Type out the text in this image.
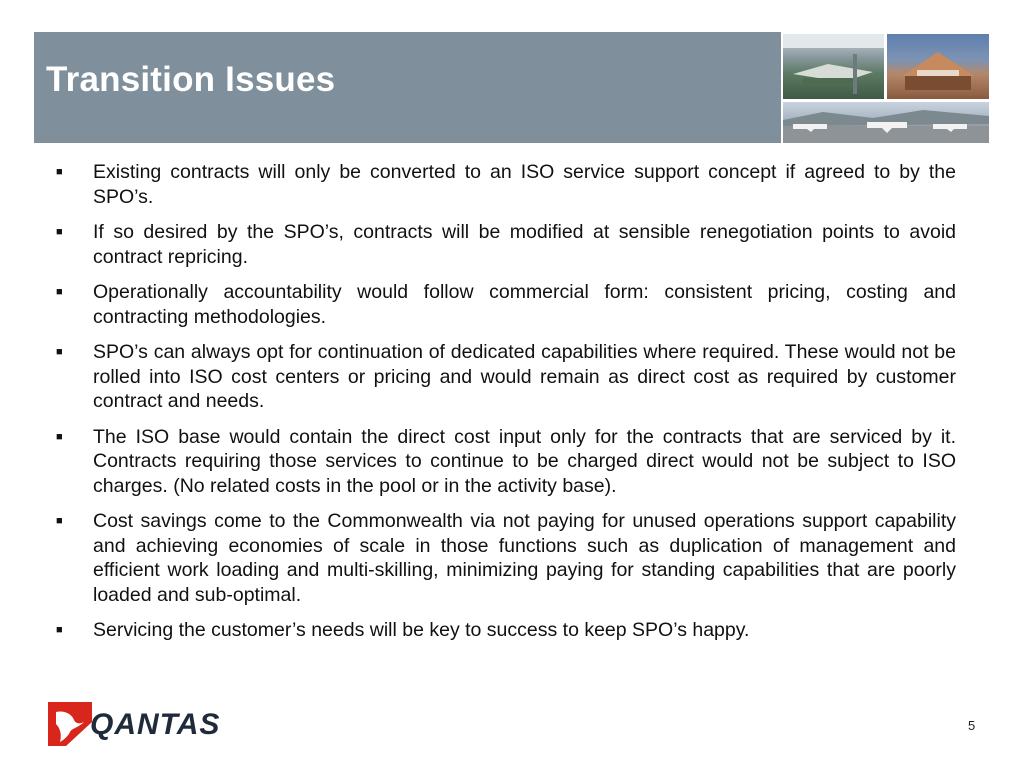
Transition Issues
■ Existing contracts will only be converted to an ISO service support concept if agreed to by the SPO’s.
■ If so desired by the SPO’s, contracts will be modified at sensible renegotiation points to avoid contract repricing.
■ Operationally accountability would follow commercial form: consistent pricing, costing and contracting methodologies.
■ SPO’s can always opt for continuation of dedicated capabilities where required. These would not be rolled into ISO cost centers or pricing and would remain as direct cost as required by customer contract and needs.
■ The ISO base would contain the direct cost input only for the contracts that are serviced by it. Contracts requiring those services to continue to be charged direct would not be subject to ISO charges. (No related costs in the pool or in the activity base).
■ Cost savings come to the Commonwealth via not paying for unused operations support capability and achieving economies of scale in those functions such as duplication of management and efficient work loading and multi-skilling, minimizing paying for standing capabilities that are poorly loaded and sub-optimal.
■ Servicing the customer’s needs will be key to success to keep SPO’s happy.
QANTAS	5
